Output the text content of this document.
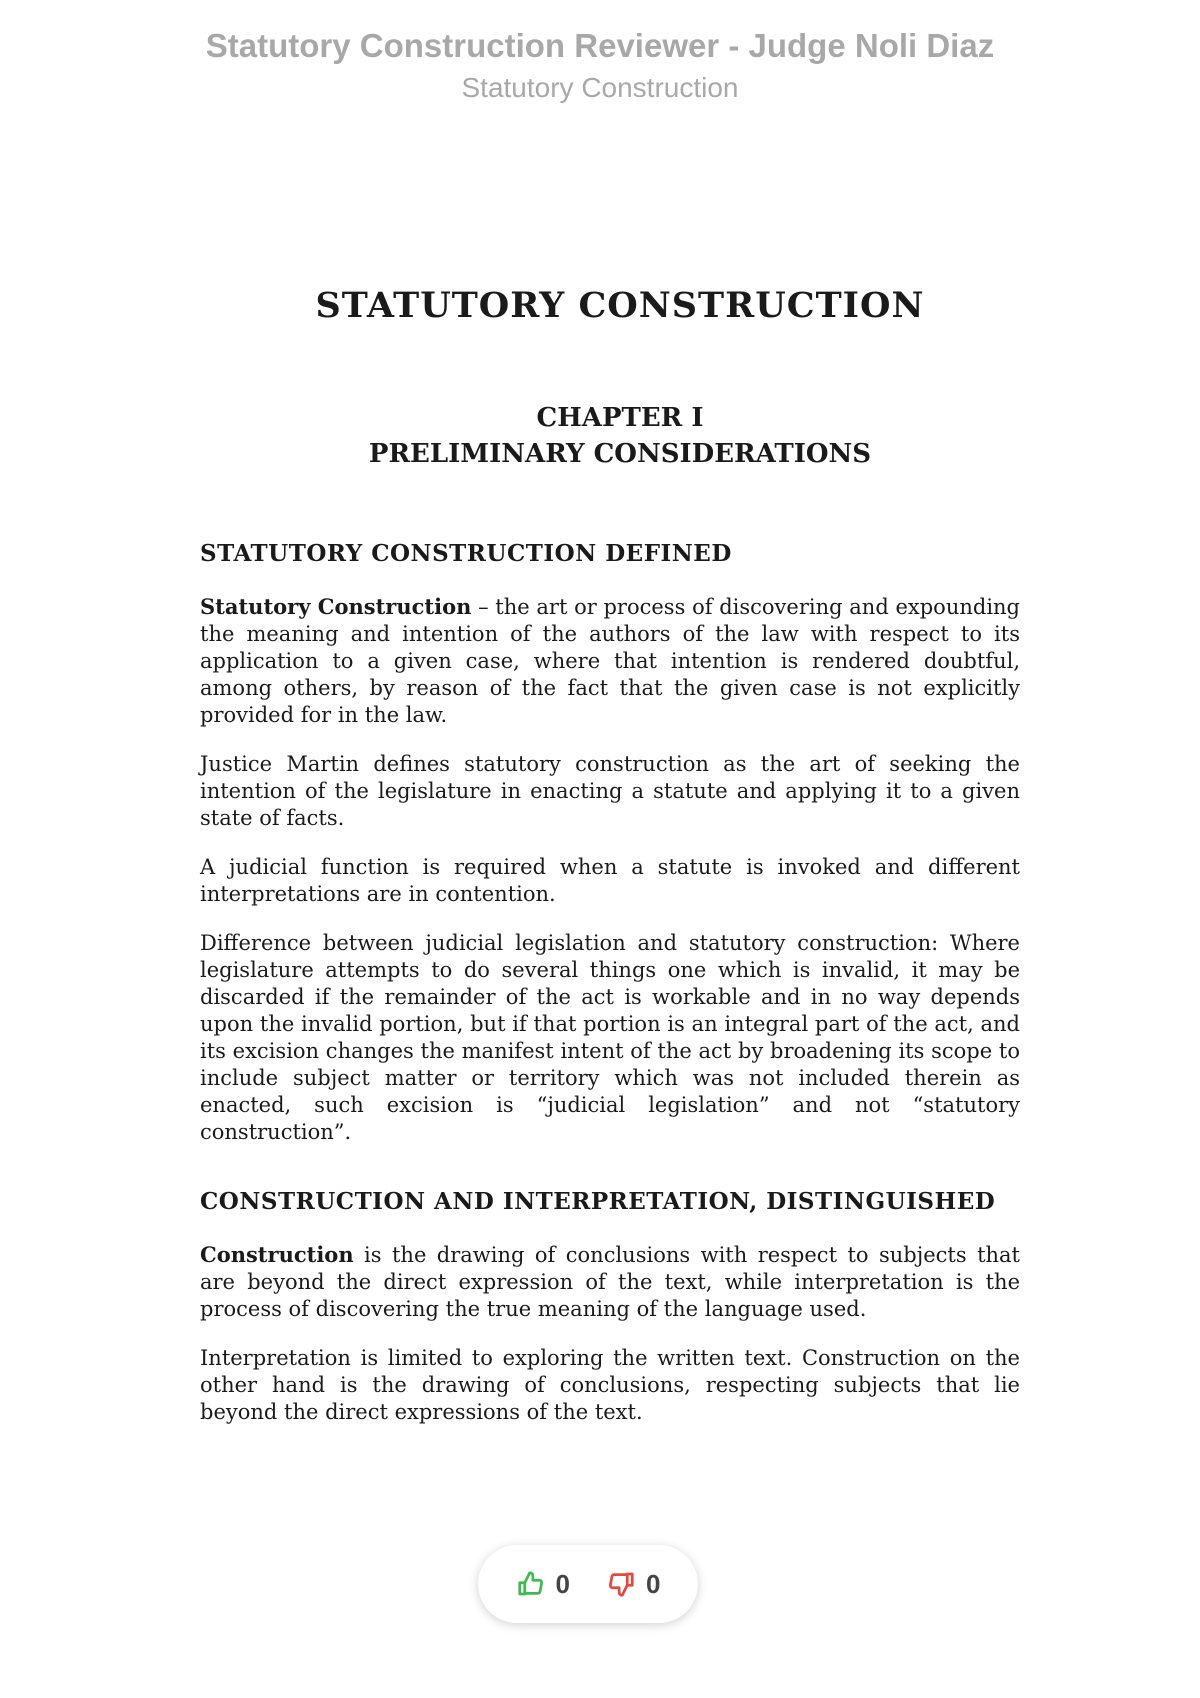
Statutory Construction Reviewer - Judge Noli Diaz
Statutory Construction
STATUTORY CONSTRUCTION
CHAPTER I
PRELIMINARY CONSIDERATIONS
STATUTORY CONSTRUCTION DEFINED

Statutory Construction – the art or process of discovering and expounding the meaning and intention of the authors of the law with respect to its application to a given case, where that intention is rendered doubtful, among others, by reason of the fact that the given case is not explicitly provided for in the law.

Justice Martin defines statutory construction as the art of seeking the intention of the legislature in enacting a statute and applying it to a given state of facts.

A judicial function is required when a statute is invoked and different interpretations are in contention.

Difference between judicial legislation and statutory construction: Where legislature attempts to do several things one which is invalid, it may be discarded if the remainder of the act is workable and in no way depends upon the invalid portion, but if that portion is an integral part of the act, and its excision changes the manifest intent of the act by broadening its scope to include subject matter or territory which was not included therein as enacted, such excision is “judicial legislation” and not “statutory construction”.

CONSTRUCTION AND INTERPRETATION, DISTINGUISHED

Construction is the drawing of conclusions with respect to subjects that are beyond the direct expression of the text, while interpretation is the process of discovering the true meaning of the language used.

Interpretation is limited to exploring the written text. Construction on the other hand is the drawing of conclusions, respecting subjects that lie beyond the direct expressions of the text.

0	0
